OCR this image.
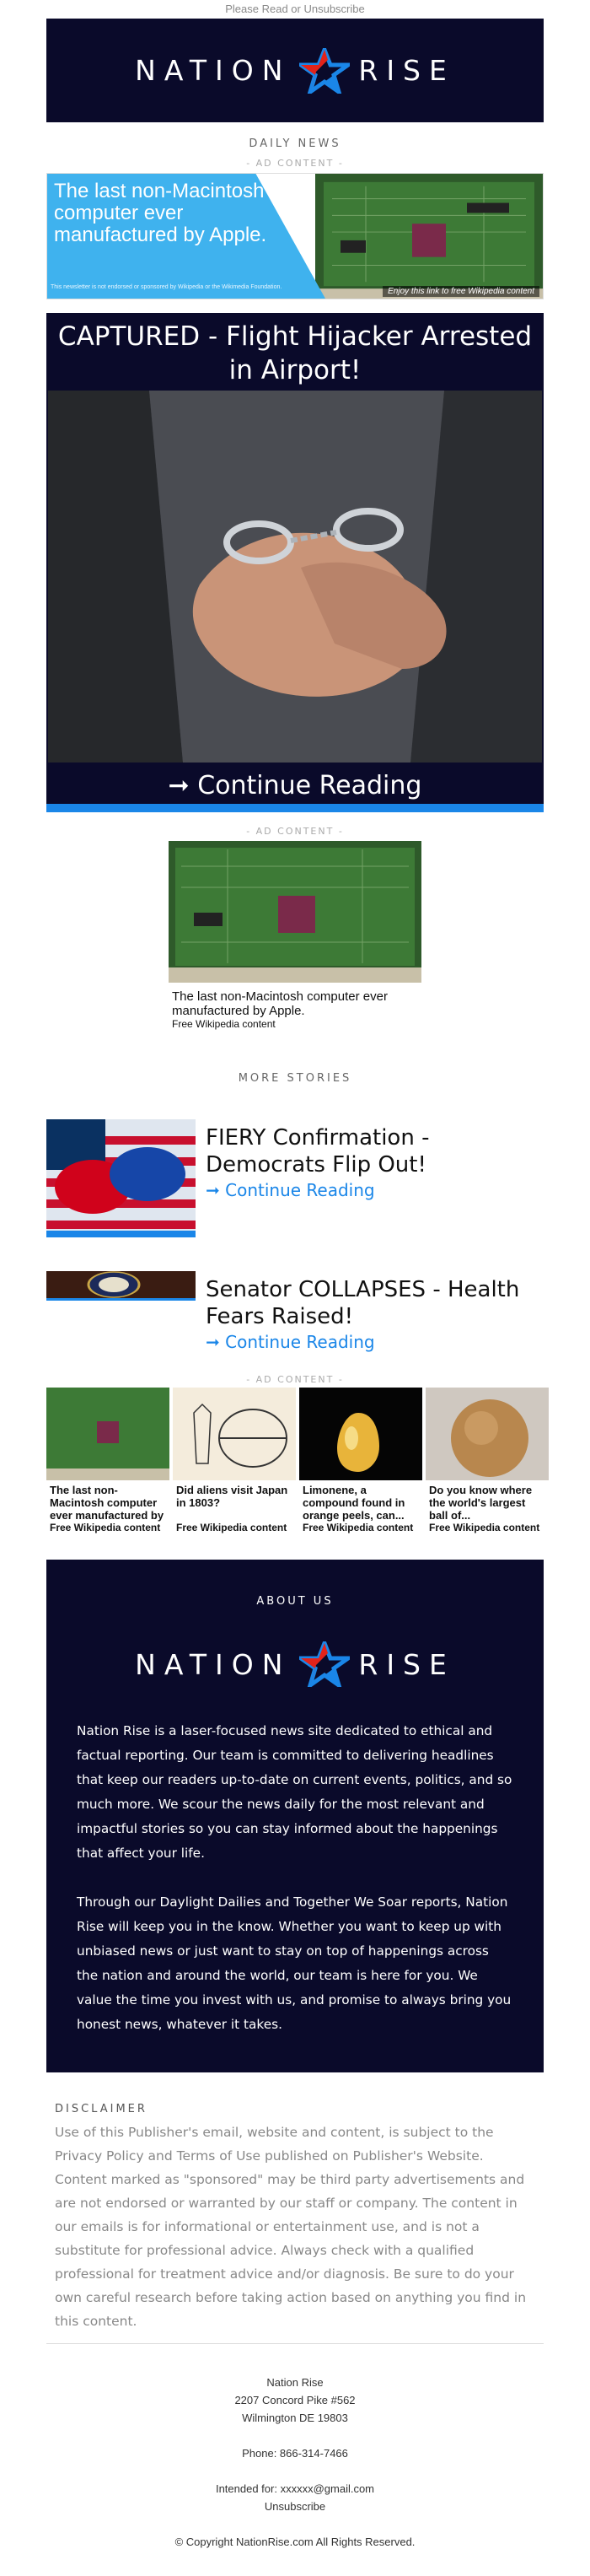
Please Read or Unsubscribe
NATION RISE
DAILY NEWS
- AD CONTENT -
The last non-Macintosh computer ever manufactured by Apple.
This newsletter is not endorsed or sponsored by Wikipedia or the Wikimedia Foundation.	Enjoy this link to free Wikipedia content
CAPTURED - Flight Hijacker Arrested in Airport!
➞ Continue Reading
- AD CONTENT -
The last non-Macintosh computer ever manufactured by Apple.
Free Wikipedia content
MORE STORIES
FIERY Confirmation - Democrats Flip Out!
➞ Continue Reading
Senator COLLAPSES - Health Fears Raised!
➞ Continue Reading
- AD CONTENT -
The last non-Macintosh computer ever manufactured by
Free Wikipedia content
Did aliens visit Japan in 1803?
Free Wikipedia content
Limonene, a compound found in orange peels, can...
Free Wikipedia content
Do you know where the world's largest ball of...
Free Wikipedia content
ABOUT US
NATION RISE

Nation Rise is a laser-focused news site dedicated to ethical and factual reporting. Our team is committed to delivering headlines that keep our readers up-to-date on current events, politics, and so much more. We scour the news daily for the most relevant and impactful stories so you can stay informed about the happenings that affect your life.

Through our Daylight Dailies and Together We Soar reports, Nation Rise will keep you in the know. Whether you want to keep up with unbiased news or just want to stay on top of happenings across the nation and around the world, our team is here for you. We value the time you invest with us, and promise to always bring you honest news, whatever it takes.

DISCLAIMER

Use of this Publisher's email, website and content, is subject to the Privacy Policy and Terms of Use published on Publisher's Website. Content marked as "sponsored" may be third party advertisements and are not endorsed or warranted by our staff or company. The content in our emails is for informational or entertainment use, and is not a substitute for professional advice. Always check with a qualified professional for treatment advice and/or diagnosis. Be sure to do your own careful research before taking action based on anything you find in this content.

Nation Rise
2207 Concord Pike #562
Wilmington DE 19803
Phone: 866-314-7466
Intended for: xxxxxx@gmail.com
Unsubscribe
© Copyright NationRise.com All Rights Reserved.
